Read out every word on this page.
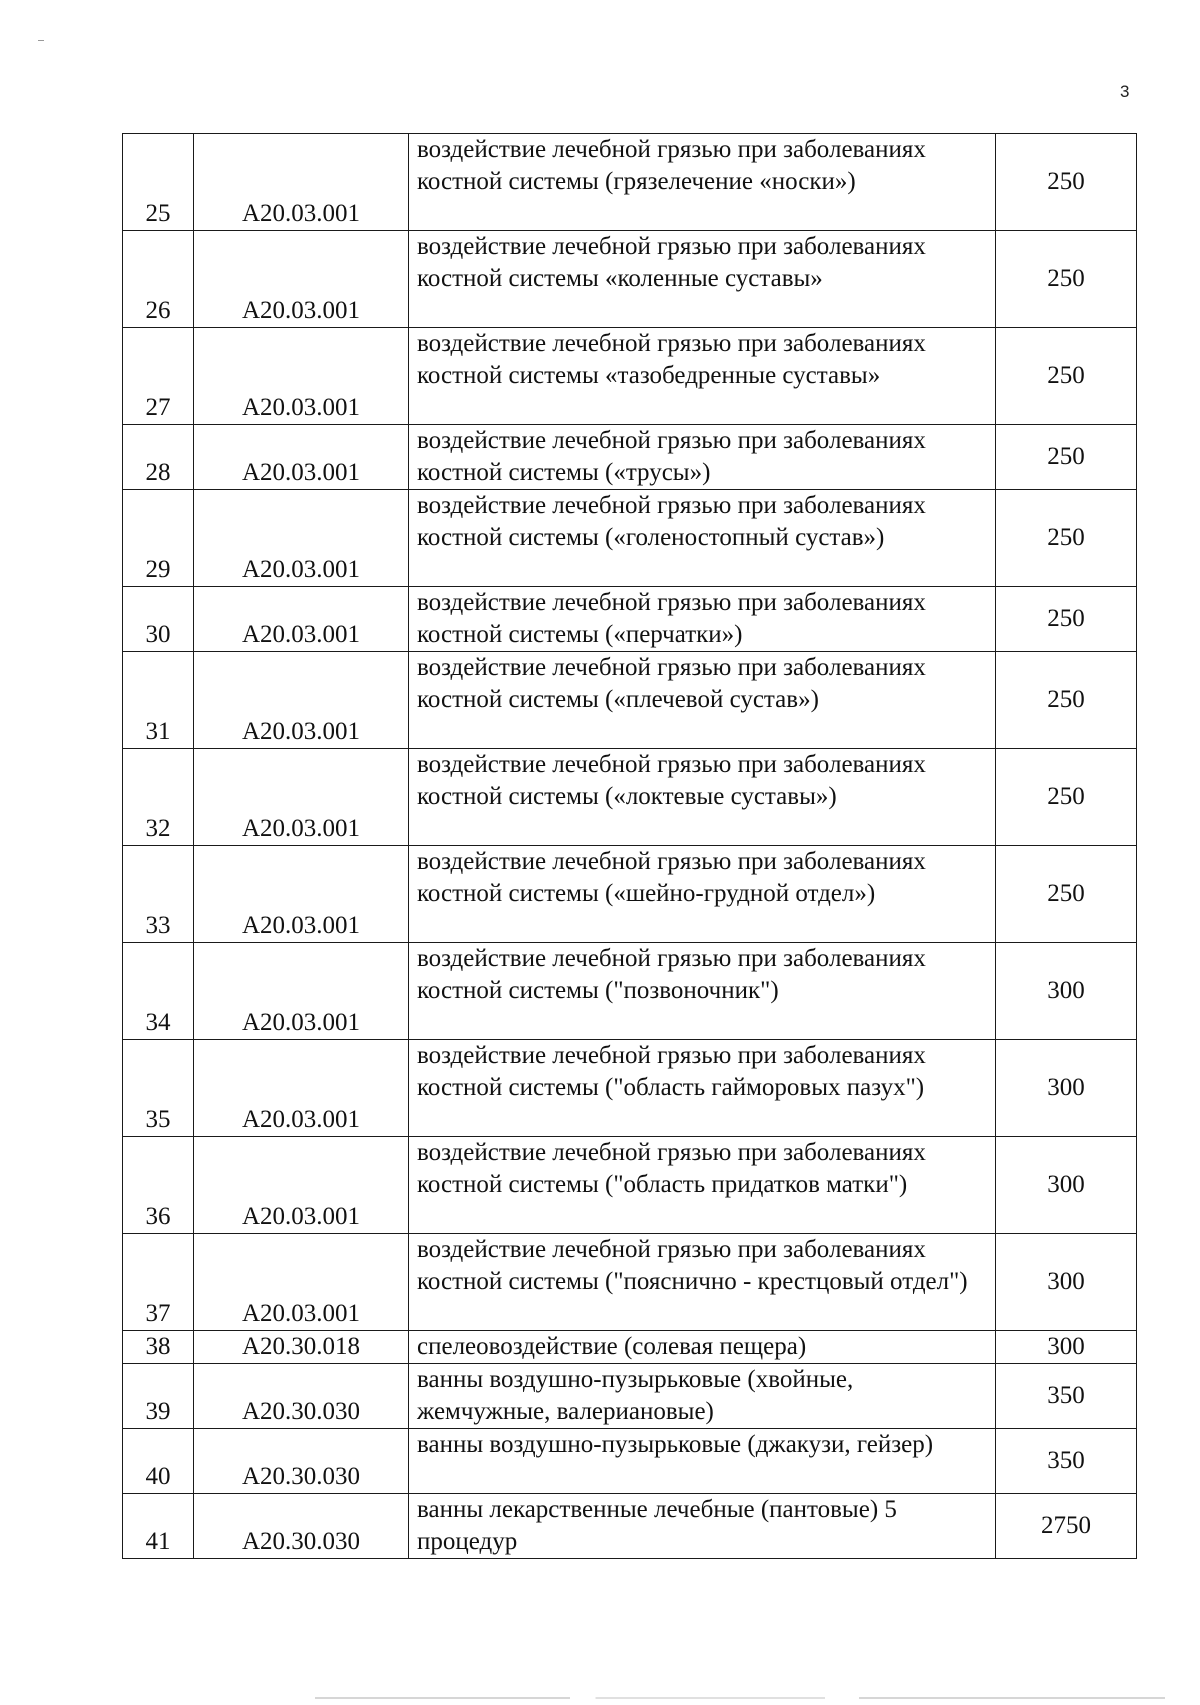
3
25	A20.03.001	воздействие лечебной грязью при заболеваниях костной системы (грязелечение «носки»)	250
26	A20.03.001	воздействие лечебной грязью при заболеваниях костной системы «коленные суставы»	250
27	A20.03.001	воздействие лечебной грязью при заболеваниях костной системы «тазобедренные суставы»	250
28	A20.03.001	воздействие лечебной грязью при заболеваниях костной системы («трусы»)	250
29	A20.03.001	воздействие лечебной грязью при заболеваниях костной системы («голеностопный сустав»)	250
30	A20.03.001	воздействие лечебной грязью при заболеваниях костной системы («перчатки»)	250
31	A20.03.001	воздействие лечебной грязью при заболеваниях костной системы («плечевой сустав»)	250
32	A20.03.001	воздействие лечебной грязью при заболеваниях костной системы («локтевые суставы»)	250
33	A20.03.001	воздействие лечебной грязью при заболеваниях костной системы («шейно-грудной отдел»)	250
34	A20.03.001	воздействие лечебной грязью при заболеваниях костной системы ("позвоночник")	300
35	A20.03.001	воздействие лечебной грязью при заболеваниях костной системы ("область гайморовых пазух")	300
36	A20.03.001	воздействие лечебной грязью при заболеваниях костной системы ("область придатков матки")	300
37	A20.03.001	воздействие лечебной грязью при заболеваниях костной системы ("пояснично - крестцовый отдел")	300
38	A20.30.018	спелеовоздействие (солевая пещера)	300
39	A20.30.030	ванны воздушно-пузырьковые (хвойные, жемчужные, валериановые)	350
40	A20.30.030	ванны воздушно-пузырьковые (джакузи, гейзер)	350
41	A20.30.030	ванны лекарственные лечебные (пантовые) 5 процедур	2750
